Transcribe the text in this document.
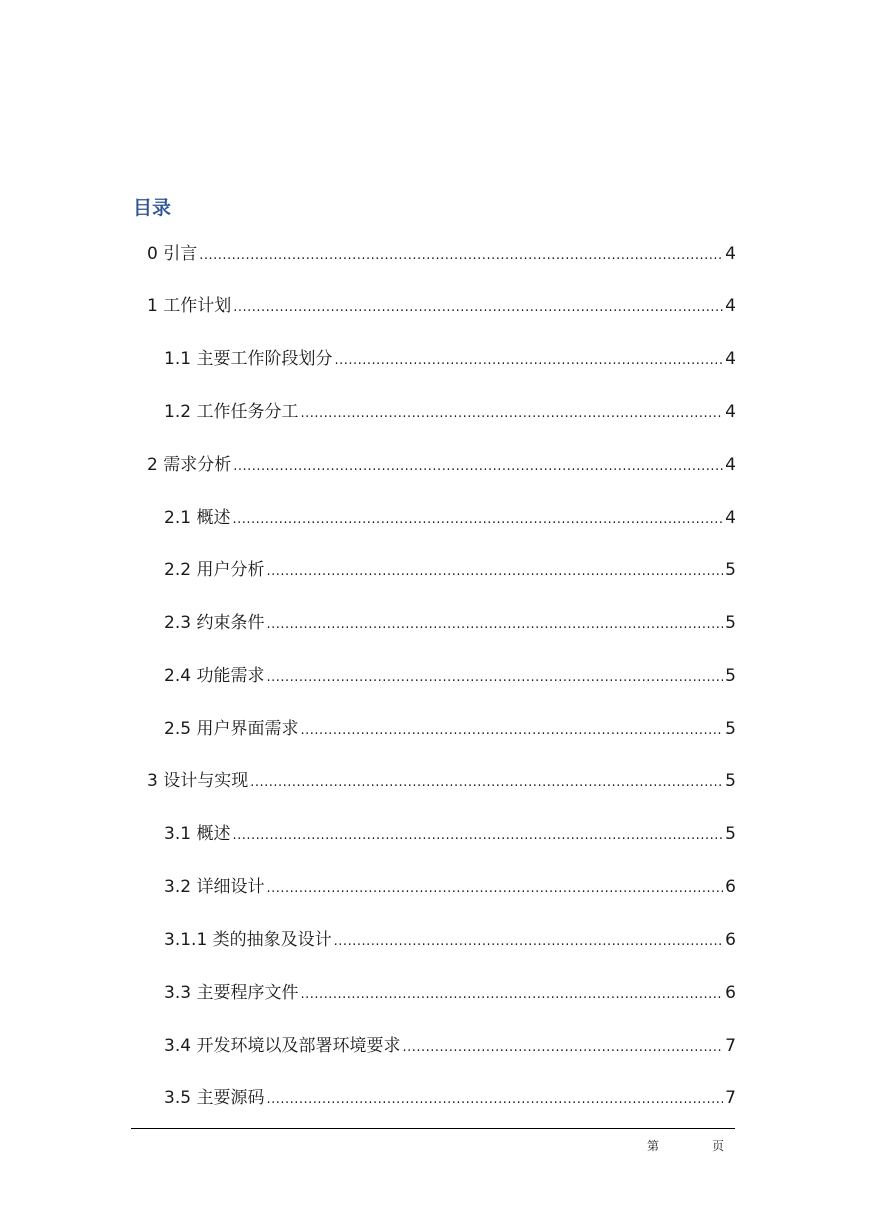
目录
0 引言 .....	4
1 工作计划 .....	4
1.1 主要工作阶段划分 .....	4
1.2 工作任务分工 .....	4
2 需求分析 .....	4
2.1 概述 .....	4
2.2 用户分析 .....	5
2.3 约束条件 .....	5
2.4 功能需求 .....	5
2.5 用户界面需求 .....	5
3 设计与实现 .....	5
3.1 概述 .....	5
3.2 详细设计 .....	6
3.1.1 类的抽象及设计 .....	6
3.3 主要程序文件 .....	6
3.4 开发环境以及部署环境要求 .....	7
3.5 主要源码 .....	7
第	页
